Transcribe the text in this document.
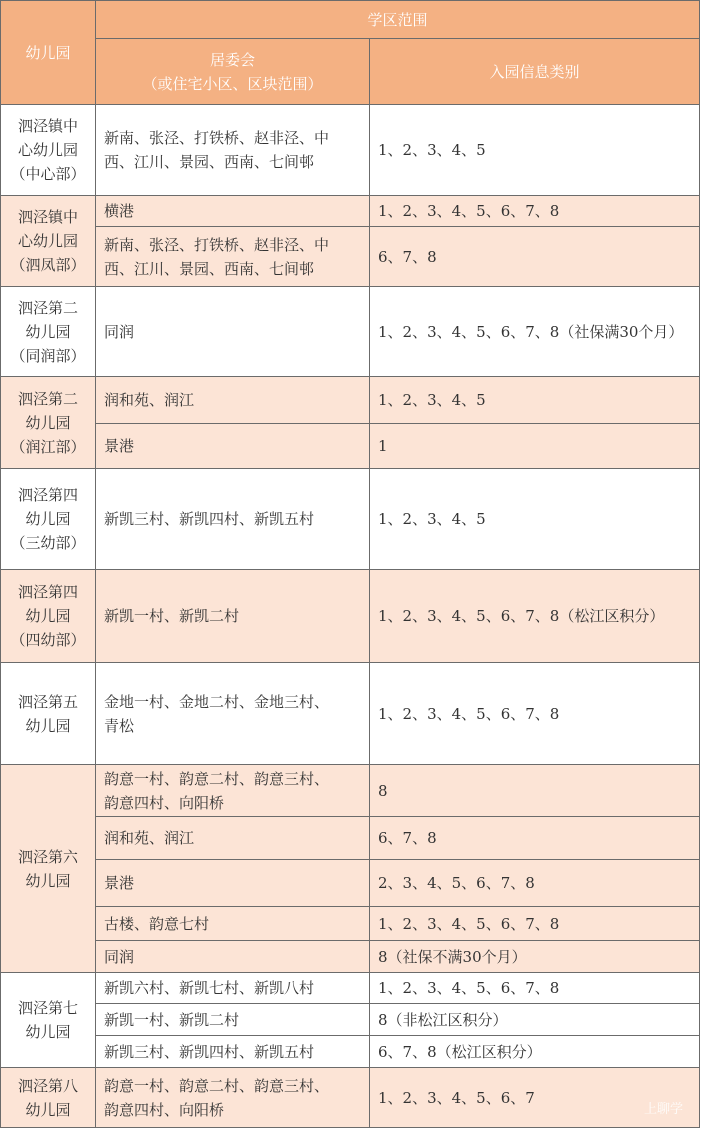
幼儿园	学区范围	

	居委会
（或住宅小区、区块范围）	入园信息类别

泗泾镇中
心幼儿园
（中心部）	新南、张泾、打铁桥、赵非泾、中
西、江川、景园、西南、七间邨	1、2、3、4、5

泗泾镇中
心幼儿园
（泗凤部）	横港	1、2、3、4、5、6、7、8

	新南、张泾、打铁桥、赵非泾、中
西、江川、景园、西南、七间邨	6、7、8

泗泾第二
幼儿园
（同润部）	同润	1、2、3、4、5、6、7、8（社保满30个月）

泗泾第二
幼儿园
（润江部）	润和苑、润江	1、2、3、4、5
	景港	1

泗泾第四
幼儿园
（三幼部）	新凯三村、新凯四村、新凯五村	1、2、3、4、5

泗泾第四
幼儿园
（四幼部）	新凯一村、新凯二村	1、2、3、4、5、6、7、8（松江区积分）

泗泾第五
幼儿园	金地一村、金地二村、金地三村、
青松	1、2、3、4、5、6、7、8

泗泾第六
幼儿园	韵意一村、韵意二村、韵意三村、
韵意四村、向阳桥	8
	润和苑、润江	6、7、8
	景港	2、3、4、5、6、7、8
	古楼、韵意七村	1、2、3、4、5、6、7、8
	同润	8（社保不满30个月）

泗泾第七
幼儿园	新凯六村、新凯七村、新凯八村	1、2、3、4、5、6、7、8
	新凯一村、新凯二村	8（非松江区积分）
	新凯三村、新凯四村、新凯五村	6、7、8（松江区积分）

泗泾第八
幼儿园	韵意一村、韵意二村、韵意三村、
韵意四村、向阳桥	1、2、3、4、5、6、7
上聊学
